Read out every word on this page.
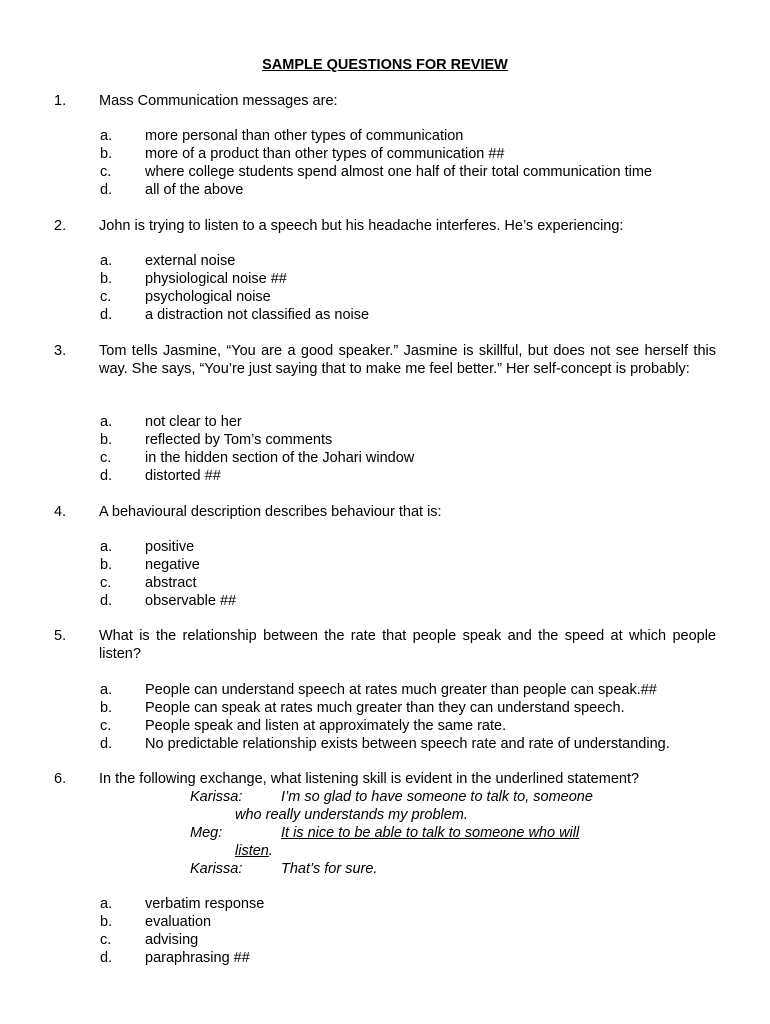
SAMPLE QUESTIONS FOR REVIEW
1. Mass Communication messages are:
a. more personal than other types of communication
b. more of a product than other types of communication ##
c. where college students spend almost one half of their total communication time
d. all of the above
2. John is trying to listen to a speech but his headache interferes. He’s experiencing:
a. external noise
b. physiological noise ##
c. psychological noise
d. a distraction not classified as noise
3. Tom tells Jasmine, “You are a good speaker.” Jasmine is skillful, but does not see herself this way. She says, “You’re just saying that to make me feel better.” Her self-concept is probably:
a. not clear to her
b. reflected by Tom’s comments
c. in the hidden section of the Johari window
d. distorted ##
4. A behavioural description describes behaviour that is:
a. positive
b. negative
c. abstract
d. observable ##
5. What is the relationship between the rate that people speak and the speed at which people listen?
a. People can understand speech at rates much greater than people can speak.##
b. People can speak at rates much greater than they can understand speech.
c. People speak and listen at approximately the same rate.
d. No predictable relationship exists between speech rate and rate of understanding.
6. In the following exchange, what listening skill is evident in the underlined statement?
Karissa:	I’m so glad to have someone to talk to, someone
who really understands my problem.
Meg:	It is nice to be able to talk to someone who will
listen.
Karissa:	That’s for sure.
a. verbatim response
b. evaluation
c. advising
d. paraphrasing ##
